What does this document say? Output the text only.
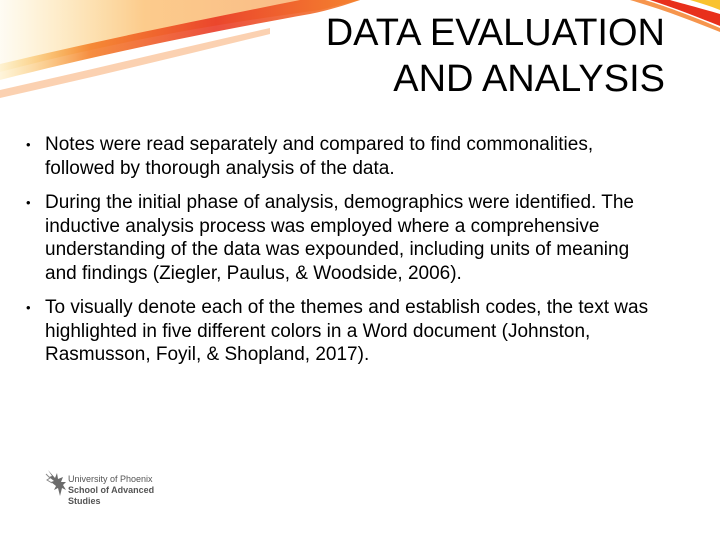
DATA EVALUATION
AND ANALYSIS
• Notes were read separately and compared to find commonalities, followed by thorough analysis of the data.
• During the initial phase of analysis, demographics were identified. The inductive analysis process was employed where a comprehensive understanding of the data was expounded, including units of meaning and findings (Ziegler, Paulus, & Woodside, 2006).
• To visually denote each of the themes and establish codes, the text was highlighted in five different colors in a Word document (Johnston, Rasmusson, Foyil, & Shopland, 2017).
University of Phoenix
School of Advanced
Studies
